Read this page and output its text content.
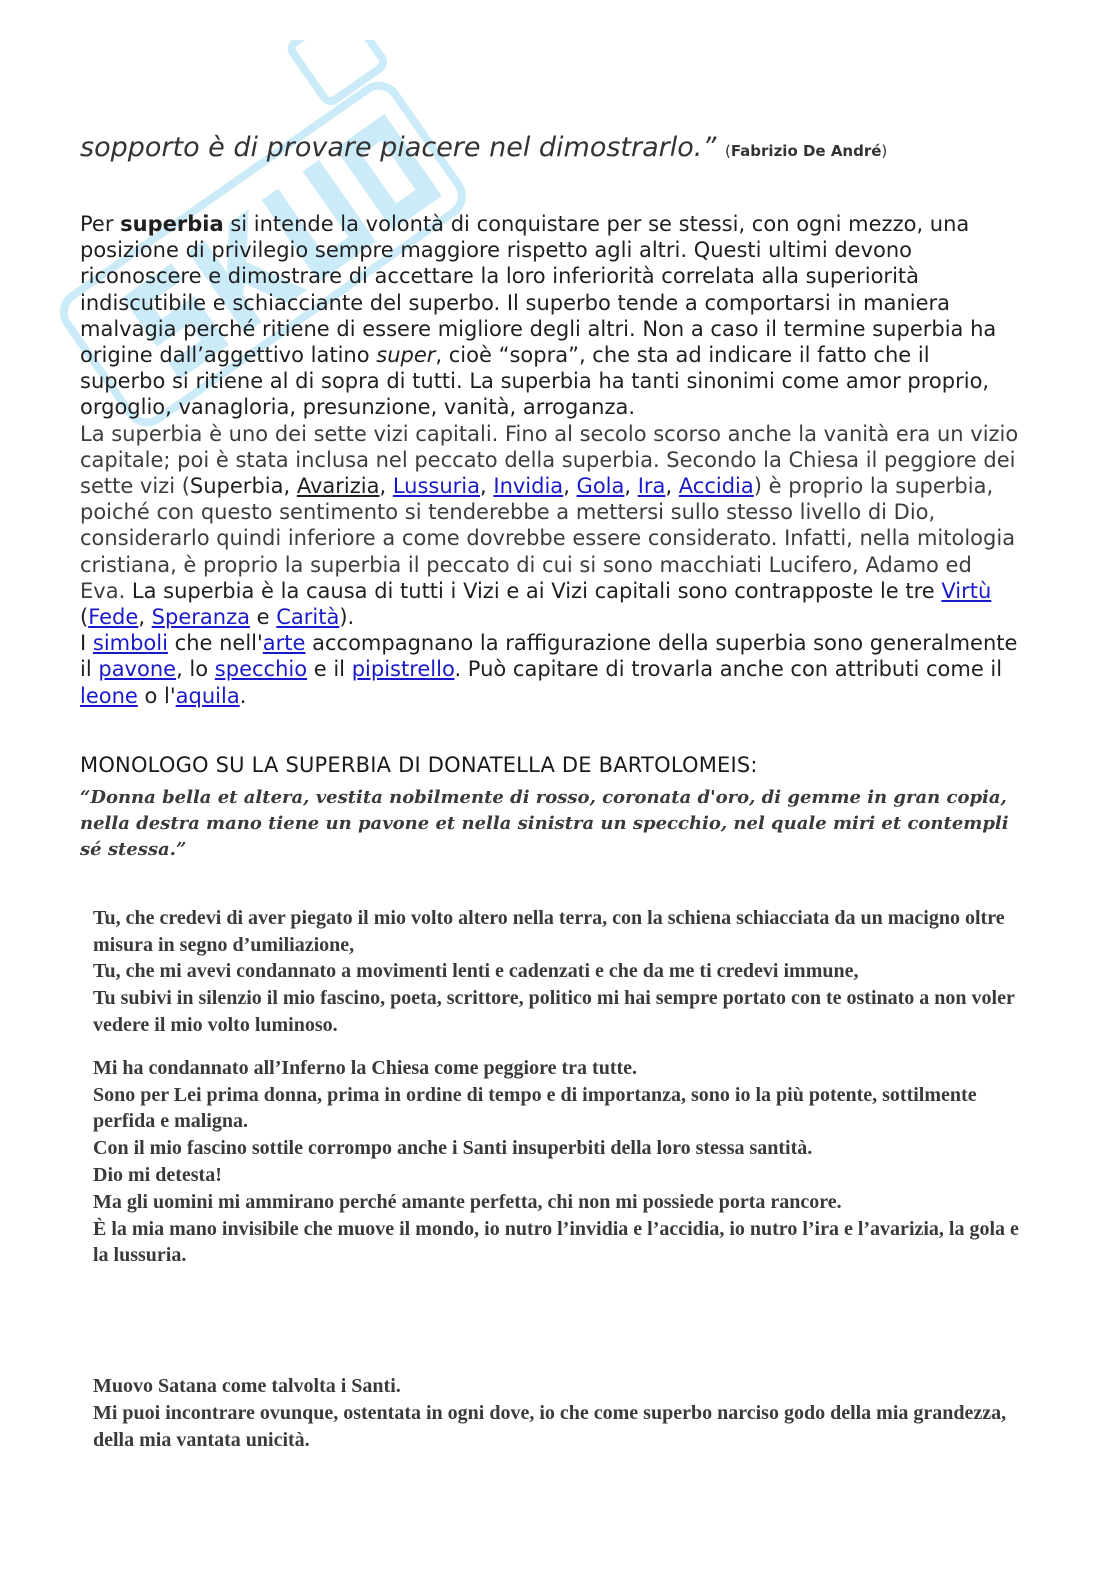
sopporto è di provare piacere nel dimostrarlo.” (Fabrizio De André)

Per superbia si intende la volontà di conquistare per se stessi, con ogni mezzo, una posizione di privilegio sempre maggiore rispetto agli altri. Questi ultimi devono riconoscere e dimostrare di accettare la loro inferiorità correlata alla superiorità indiscutibile e schiacciante del superbo. Il superbo tende a comportarsi in maniera malvagia perché ritiene di essere migliore degli altri. Non a caso il termine superbia ha origine dall’aggettivo latino super, cioè “sopra”, che sta ad indicare il fatto che il superbo si ritiene al di sopra di tutti. La superbia ha tanti sinonimi come amor proprio, orgoglio, vanagloria, presunzione, vanità, arroganza.

La superbia è uno dei sette vizi capitali. Fino al secolo scorso anche la vanità era un vizio capitale; poi è stata inclusa nel peccato della superbia. Secondo la Chiesa il peggiore dei sette vizi (Superbia, Avarizia, Lussuria, Invidia, Gola, Ira, Accidia) è proprio la superbia, poiché con questo sentimento si tenderebbe a mettersi sullo stesso livello di Dio, considerarlo quindi inferiore a come dovrebbe essere considerato. Infatti, nella mitologia cristiana, è proprio la superbia il peccato di cui si sono macchiati Lucifero, Adamo ed Eva. La superbia è la causa di tutti i Vizi e ai Vizi capitali sono contrapposte le tre Virtù (Fede, Speranza e Carità).

I simboli che nell'arte accompagnano la raffigurazione della superbia sono generalmente il pavone, lo specchio e il pipistrello. Può capitare di trovarla anche con attributi come il leone o l'aquila.

MONOLOGO SU LA SUPERBIA DI DONATELLA DE BARTOLOMEIS:

“Donna bella et altera, vestita nobilmente di rosso, coronata d'oro, di gemme in gran copia, nella destra mano tiene un pavone et nella sinistra un specchio, nel quale miri et contempli sé stessa.”

Tu, che credevi di aver piegato il mio volto altero nella terra, con la schiena schiacciata da un macigno oltre misura in segno d’umiliazione,
Tu, che mi avevi condannato a movimenti lenti e cadenzati e che da me ti credevi immune,
Tu subivi in silenzio il mio fascino, poeta, scrittore, politico mi hai sempre portato con te ostinato a non voler vedere il mio volto luminoso.
Mi ha condannato all’Inferno la Chiesa come peggiore tra tutte.
Sono per Lei prima donna, prima in ordine di tempo e di importanza, sono io la più potente, sottilmente perfida e maligna.
Con il mio fascino sottile corrompo anche i Santi insuperbiti della loro stessa santità.
Dio mi detesta!
Ma gli uomini mi ammirano perché amante perfetta, chi non mi possiede porta rancore.
È la mia mano invisibile che muove il mondo, io nutro l’invidia e l’accidia, io nutro l’ira e l’avarizia, la gola e la lussuria.
Muovo Satana come talvolta i Santi.
Mi puoi incontrare ovunque, ostentata in ogni dove, io che come superbo narciso godo della mia grandezza, della mia vantata unicità.
